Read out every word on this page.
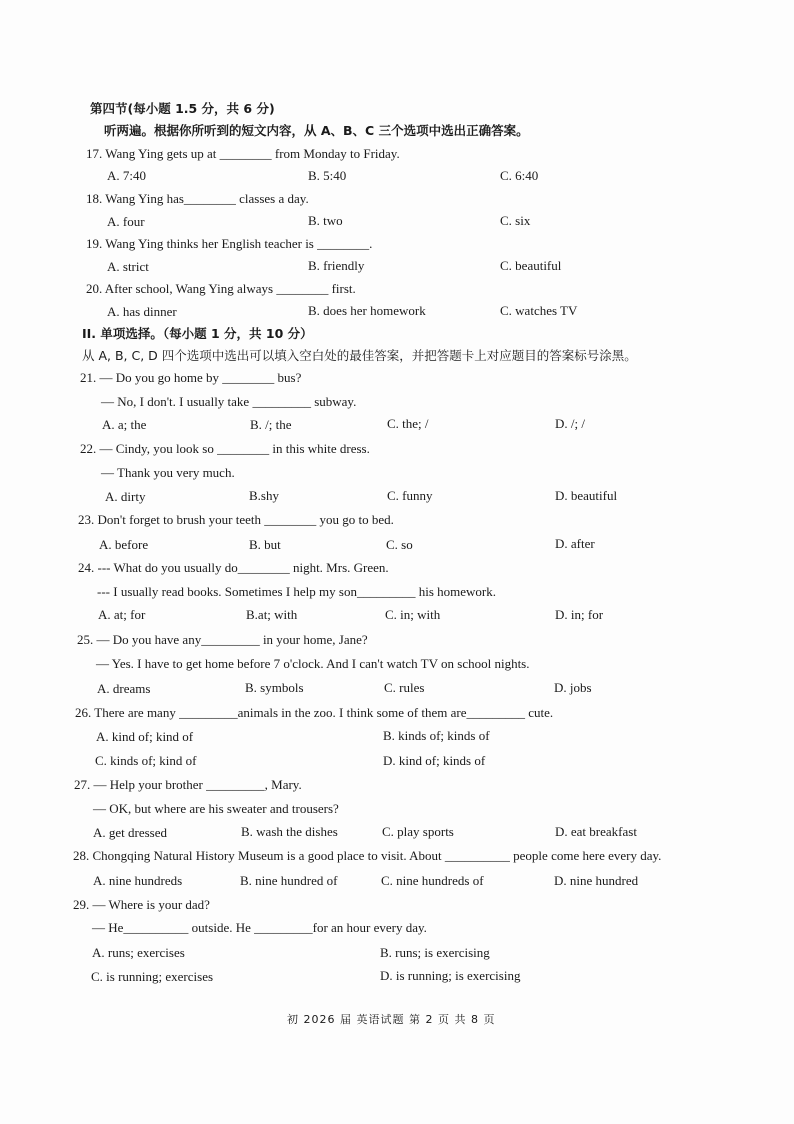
第四节(每小题 1.5 分，共 6 分)
听两遍。根据你所听到的短文内容，从 A、B、C 三个选项中选出正确答案。
17. Wang Ying gets up at ________ from Monday to Friday.
A. 7:40	B. 5:40	C. 6:40
18. Wang Ying has________ classes a day.
A. four	B. two	C. six
19. Wang Ying thinks her English teacher is ________.
A. strict	B. friendly	C. beautiful
20. After school, Wang Ying always ________ first.
A. has dinner	B. does her homework	C. watches TV
II. 单项选择。（每小题 1 分，共 10 分）
从 A, B, C, D 四个选项中选出可以填入空白处的最佳答案，并把答题卡上对应题目的答案标号涂黑。
21. — Do you go home by ________ bus?
— No, I don't. I usually take _________ subway.
A. a; the	B. /; the	C. the; /	D. /; /
22. — Cindy, you look so ________ in this white dress.
— Thank you very much.
A. dirty	B.shy	C. funny	D. beautiful
23. Don't forget to brush your teeth ________ you go to bed.
A. before	B. but	C. so	D. after
24. --- What do you usually do________ night. Mrs. Green.
--- I usually read books. Sometimes I help my son_________ his homework.
A. at; for	B.at; with	C. in; with	D. in; for
25. — Do you have any_________ in your home, Jane?
— Yes. I have to get home before 7 o'clock. And I can't watch TV on school nights.
A. dreams	B. symbols	C. rules	D. jobs
26. There are many _________animals in the zoo. I think some of them are_________ cute.
A. kind of; kind of	B. kinds of; kinds of
C. kinds of; kind of	D. kind of; kinds of
27. — Help your brother _________, Mary.
— OK, but where are his sweater and trousers?
A. get dressed	B. wash the dishes	C. play sports	D. eat breakfast
28. Chongqing Natural History Museum is a good place to visit. About __________ people come here every day.
A. nine hundreds	B. nine hundred of	C. nine hundreds of	D. nine hundred
29. — Where is your dad?
— He__________ outside. He _________for an hour every day.
A. runs; exercises	B. runs; is exercising
C. is running; exercises	D. is running; is exercising
初 2026 届 英语试题 第 2 页 共 8 页
